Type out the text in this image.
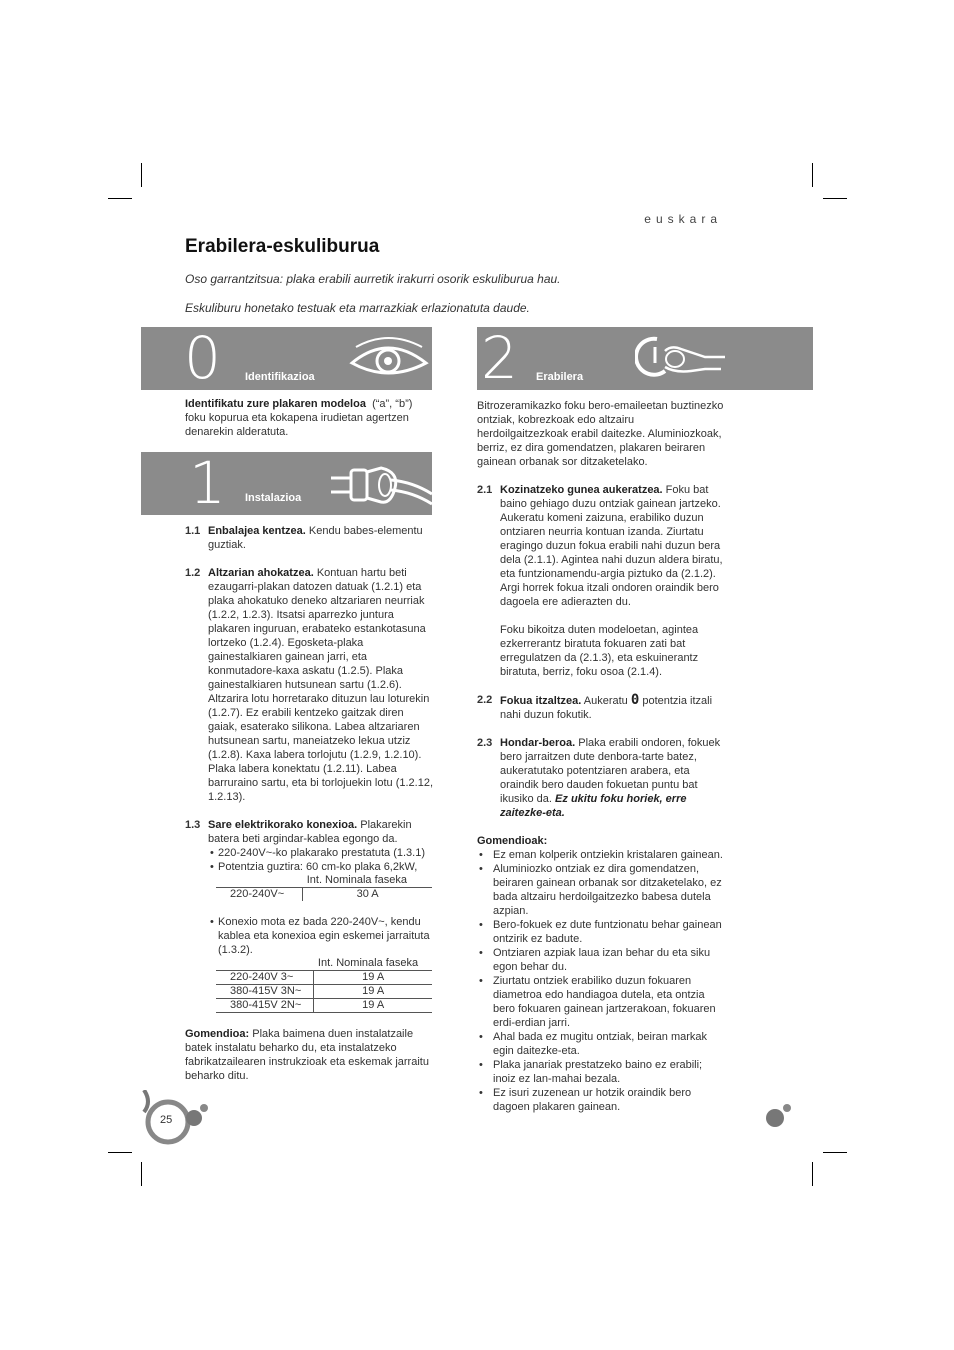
euskara
Erabilera-eskuliburua
Oso garrantzitsua: plaka erabili aurretik irakurri osorik eskuliburua hau.
Eskuliburu honetako testuak eta marrazkiak erlazionatuta daude.
0 Identifikazioa

Identifikatu zure plakaren modeloa (“a”, “b”) foku kopurua eta kokapena irudietan agertzen denarekin alderatuta.

1 Instalazioa
1.1 Enbalajea kentzea. Kendu babes-elementu guztiak.
1.2 Altzarian ahokatzea. Kontuan hartu beti ezaugarri-plakan datozen datuak (1.2.1) eta plaka ahokatuko deneko altzariaren neurriak (1.2.2, 1.2.3). Itsatsi aparrezko juntura plakaren inguruan, erabateko estankotasuna lortzeko (1.2.4). Egosketa-plaka gainestalkiaren gainean jarri, eta konmutadore-kaxa askatu (1.2.5). Plaka gainestalkiaren hutsunean sartu (1.2.6). Altzarira lotu horretarako dituzun lau loturekin (1.2.7). Ez erabili kentzeko gaitzak diren gaiak, esaterako silikona. Labea altzariaren hutsunean sartu, maneiatzeko lekua utziz (1.2.8). Kaxa labera torlojutu (1.2.9, 1.2.10). Plaka labera konektatu (1.2.11). Labea barruraino sartu, eta bi torlojuekin lotu (1.2.12, 1.2.13).
1.3 Sare elektrikorako konexioa. Plakarekin batera beti argindar-kablea egongo da.
• 220-240V~-ko plakarako prestatuta (1.3.1)
• Potentzia guztira: 60 cm-ko plaka 6,2kW,
	Int. Nominala faseka
220-240V~	30 A
• Konexio mota ez bada 220-240V~, kendu kablea eta konexioa egin eskemei jarraituta (1.3.2).
	Int. Nominala faseka
220-240V 3~	19 A
380-415V 3N~	19 A
380-415V 2N~	19 A

Gomendioa: Plaka baimena duen instalatzaile batek instalatu beharko du, eta instalatzeko fabrikatzailearen instrukzioak eta eskemak jarraitu beharko ditu.

2 Erabilera

Bitrozeramikazko foku bero-emaileetan buztinezko ontziak, kobrezkoak edo altzairu herdoilgaitzezkoak erabil daitezke. Aluminiozkoak, berriz, ez dira gomendatzen, plakaren beiraren gainean orbanak sor ditzaketelako.

2.1 Kozinatzeko gunea aukeratzea. Foku bat baino gehiago duzu ontziak gainean jartzeko. Aukeratu komeni zaizuna, erabiliko duzun ontziaren neurria kontuan izanda. Ziurtatu eragingo duzun fokua erabili nahi duzun bera dela (2.1.1). Agintea nahi duzun aldera biratu, eta funtzionamendu-argia piztuko da (2.1.2). Argi horrek fokua itzali ondoren oraindik bero dagoela ere adierazten du.

Foku bikoitza duten modeloetan, agintea ezkerrerantz biratuta fokuaren zati bat erregulatzen da (2.1.3), eta eskuinerantz biratuta, berriz, foku osoa (2.1.4).

2.2 Fokua itzaltzea. Aukeratu 0 potentzia itzali nahi duzun fokutik.
2.3 Hondar-beroa. Plaka erabili ondoren, fokuek bero jarraitzen dute denbora-tarte batez, aukeratutako potentziaren arabera, eta oraindik bero dauden fokuetan puntu bat ikusiko da. Ez ukitu foku horiek, erre zaitezke-eta.

Gomendioak:

• Ez eman kolperik ontziekin kristalaren gainean.
• Aluminiozko ontziak ez dira gomendatzen, beiraren gainean orbanak sor ditzaketelako, ez bada altzairu herdoilgaitzezko babesa dutela azpian.
• Bero-fokuek ez dute funtzionatu behar gainean ontzirik ez badute.
• Ontziaren azpiak laua izan behar du eta siku egon behar du.
• Ziurtatu ontziek erabiliko duzun fokuaren diametroa edo handiagoa dutela, eta ontzia bero fokuaren gainean jartzerakoan, fokuaren erdi-erdian jarri.
• Ahal bada ez mugitu ontziak, beiran markak egin daitezke-eta.
• Plaka janariak prestatzeko baino ez erabili; inoiz ez lan-mahai bezala.
• Ez isuri zuzenean ur hotzik oraindik bero dagoen plakaren gainean.
25
